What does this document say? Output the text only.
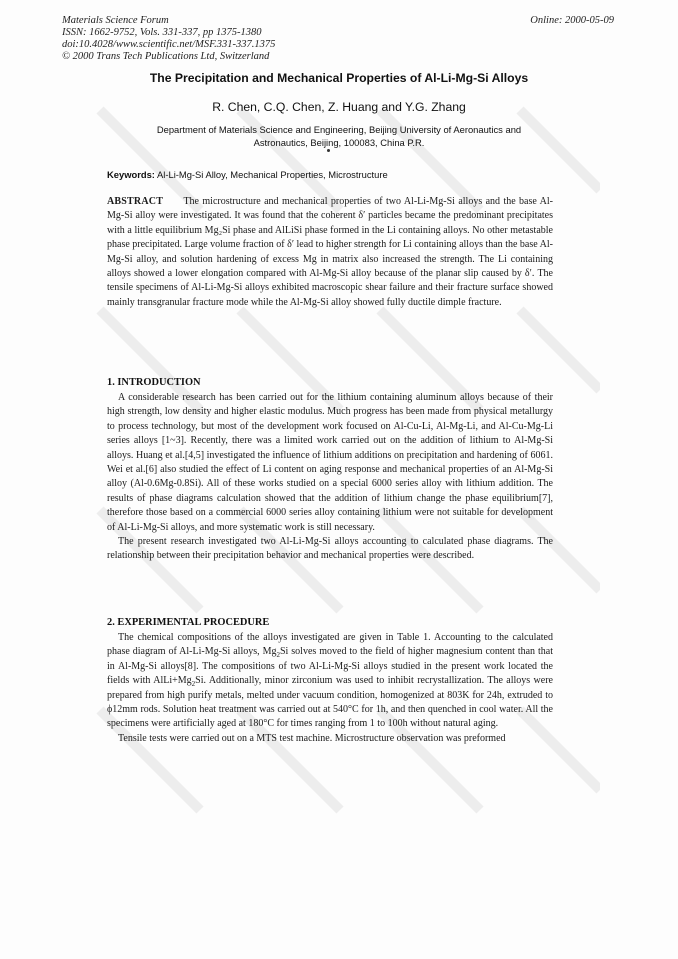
Materials Science Forum
ISSN: 1662-9752, Vols. 331-337, pp 1375-1380
doi:10.4028/www.scientific.net/MSF.331-337.1375
© 2000 Trans Tech Publications Ltd, Switzerland
Online: 2000-05-09
The Precipitation and Mechanical Properties of Al-Li-Mg-Si Alloys
R. Chen, C.Q. Chen, Z. Huang and Y.G. Zhang
Department of Materials Science and Engineering, Beijing University of Aeronautics and
Astronautics, Beijing, 100083, China P.R.
Keywords: Al-Li-Mg-Si Alloy, Mechanical Properties, Microstructure
ABSTRACT The microstructure and mechanical properties of two Al-Li-Mg-Si alloys and the base Al-Mg-Si alloy were investigated. It was found that the coherent δ′ particles became the predominant precipitates with a little equilibrium Mg₂Si phase and AlLiSi phase formed in the Li containing alloys. No other metastable phase precipitated. Large volume fraction of δ′ lead to higher strength for Li containing alloys than the base Al-Mg-Si alloy, and solution hardening of excess Mg in matrix also increased the strength. The Li containing alloys showed a lower elongation compared with Al-Mg-Si alloy because of the planar slip caused by δ′. The tensile specimens of Al-Li-Mg-Si alloys exhibited macroscopic shear failure and their fracture surface showed mainly transgranular fracture mode while the Al-Mg-Si alloy showed fully ductile dimple fracture.
1. INTRODUCTION

A considerable research has been carried out for the lithium containing aluminum alloys because of their high strength, low density and higher elastic modulus. Much progress has been made from physical metallurgy to process technology, but most of the development work focused on Al-Cu-Li, Al-Mg-Li, and Al-Cu-Mg-Li series alloys [1~3]. Recently, there was a limited work carried out on the addition of lithium to Al-Mg-Si alloys. Huang et al.[4,5] investigated the influence of lithium additions on precipitation and hardening of 6061. Wei et al.[6] also studied the effect of Li content on aging response and mechanical properties of an Al-Mg-Si alloy (Al-0.6Mg-0.8Si). All of these works studied on a special 6000 series alloy with lithium addition. The results of phase diagrams calculation showed that the addition of lithium change the phase equilibrium[7], therefore those based on a commercial 6000 series alloy containing lithium were not suitable for development of Al-Li-Mg-Si alloys, and more systematic work is still necessary.

The present research investigated two Al-Li-Mg-Si alloys accounting to calculated phase diagrams. The relationship between their precipitation behavior and mechanical properties were described.

2. EXPERIMENTAL PROCEDURE

The chemical compositions of the alloys investigated are given in Table 1. Accounting to the calculated phase diagram of Al-Li-Mg-Si alloys, $Mg_2Si$ solves moved to the field of higher magnesium content than that in Al-Mg-Si alloys[8]. The compositions of two Al-Li-Mg-Si alloys studied in the present work located the fields with $AlLi+Mg_2Si$. Additionally, minor zirconium was used to inhibit recrystallization. The alloys were prepared from high purify metals, melted under vacuum condition, homogenized at 803K for 24h, extruded to ϕ12mm rods. Solution heat treatment was carried out at 540°C for 1h, and then quenched in cool water. All the specimens were artificially aged at 180°C for times ranging from 1 to 100h without natural aging.

Tensile tests were carried out on a MTS test machine. Microstructure observation was preformed
